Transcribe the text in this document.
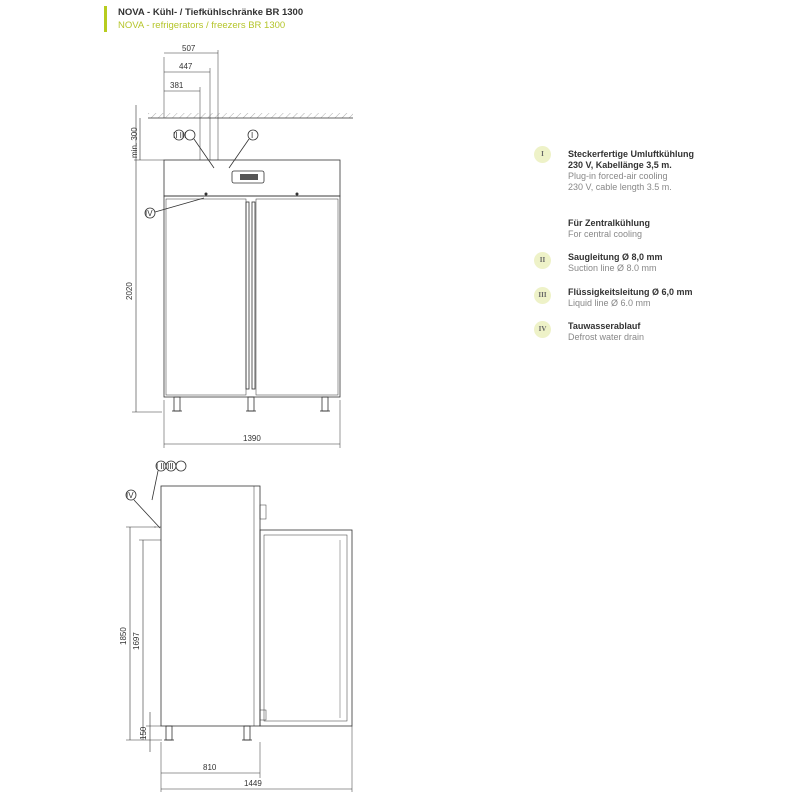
NOVA - Kühl- / Tiefkühlschränke BR 1300
NOVA - refrigerators / freezers BR 1300
507
447
381
min. 300
2020
1390
II III	I
IV
I II III
IV
1850 1697
150
810
1449
I	Steckerfertige Umluftkühlung
230 V, Kabellänge 3,5 m.
Plug-in forced-air cooling
230 V, cable length 3.5 m.
Für Zentralkühlung
For central cooling
II	Saugleitung Ø 8,0 mm
Suction line Ø 8.0 mm
III	Flüssigkeitsleitung Ø 6,0 mm
Liquid line Ø 6.0 mm
IV	Tauwasserablauf
Defrost water drain
